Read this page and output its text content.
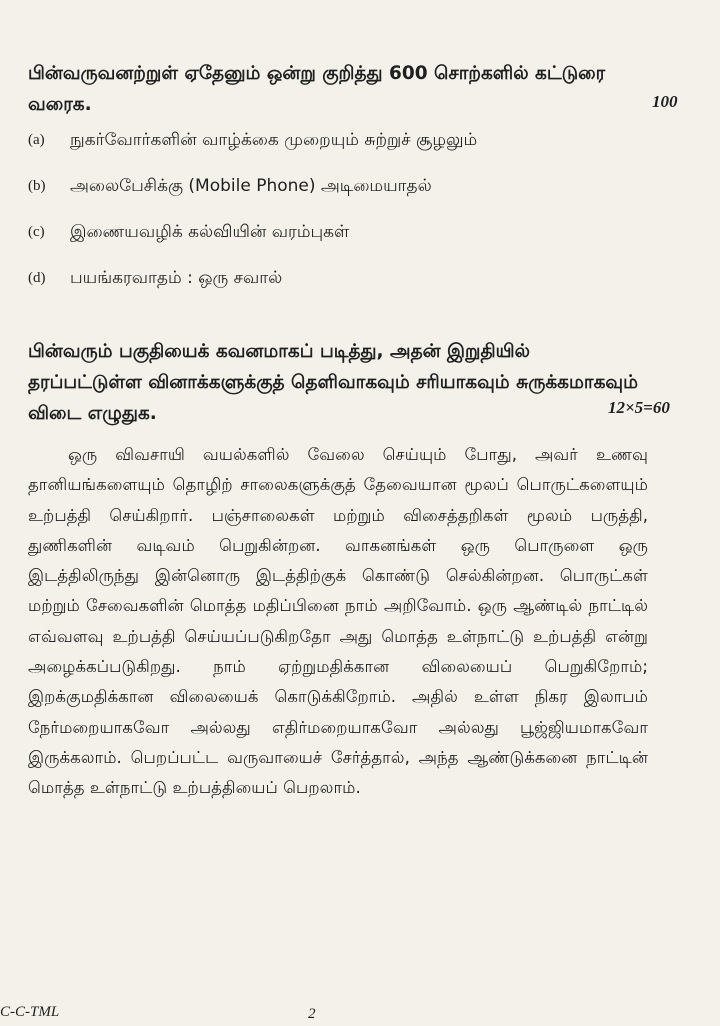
பின்வருவனற்றுள் ஏதேனும் ஒன்று குறித்து 600 சொற்களில் கட்டுரை வரைக.	100
(a) நுகர்வோர்களின் வாழ்க்கை முறையும் சுற்றுச் சூழலும்
(b) அலைபேசிக்கு (Mobile Phone) அடிமையாதல்
(c) இணையவழிக் கல்வியின் வரம்புகள்
(d) பயங்கரவாதம் : ஒரு சவால்
பின்வரும் பகுதியைக் கவனமாகப் படித்து, அதன் இறுதியில் தரப்பட்டுள்ள வினாக்களுக்குத் தெளிவாகவும் சரியாகவும் சுருக்கமாகவும் விடை எழுதுக.	12×5=60

ஒரு விவசாயி வயல்களில் வேலை செய்யும் போது, அவர் உணவு தானியங்களையும் தொழிற் சாலைகளுக்குத் தேவையான மூலப் பொருட்களையும் உற்பத்தி செய்கிறார். பஞ்சாலைகள் மற்றும் விசைத்தறிகள் மூலம் பருத்தி, துணிகளின் வடிவம் பெறுகின்றன. வாகனங்கள் ஒரு பொருளை ஒரு இடத்திலிருந்து இன்னொரு இடத்திற்குக் கொண்டு செல்கின்றன. பொருட்கள் மற்றும் சேவைகளின் மொத்த மதிப்பினை நாம் அறிவோம். ஒரு ஆண்டில் நாட்டில் எவ்வளவு உற்பத்தி செய்யப்படுகிறதோ அது மொத்த உள்நாட்டு உற்பத்தி என்று அழைக்கப்படுகிறது. நாம் ஏற்றுமதிக்கான விலையைப் பெறுகிறோம்; இறக்குமதிக்கான விலையைக் கொடுக்கிறோம். அதில் உள்ள நிகர இலாபம் நேர்மறையாகவோ அல்லது எதிர்மறையாகவோ அல்லது பூஜ்ஜியமாகவோ இருக்கலாம். பெறப்பட்ட வருவாயைச் சேர்த்தால், அந்த ஆண்டுக்கனை நாட்டின் மொத்த உள்நாட்டு உற்பத்தியைப் பெறலாம்.

C-C-TML	2
